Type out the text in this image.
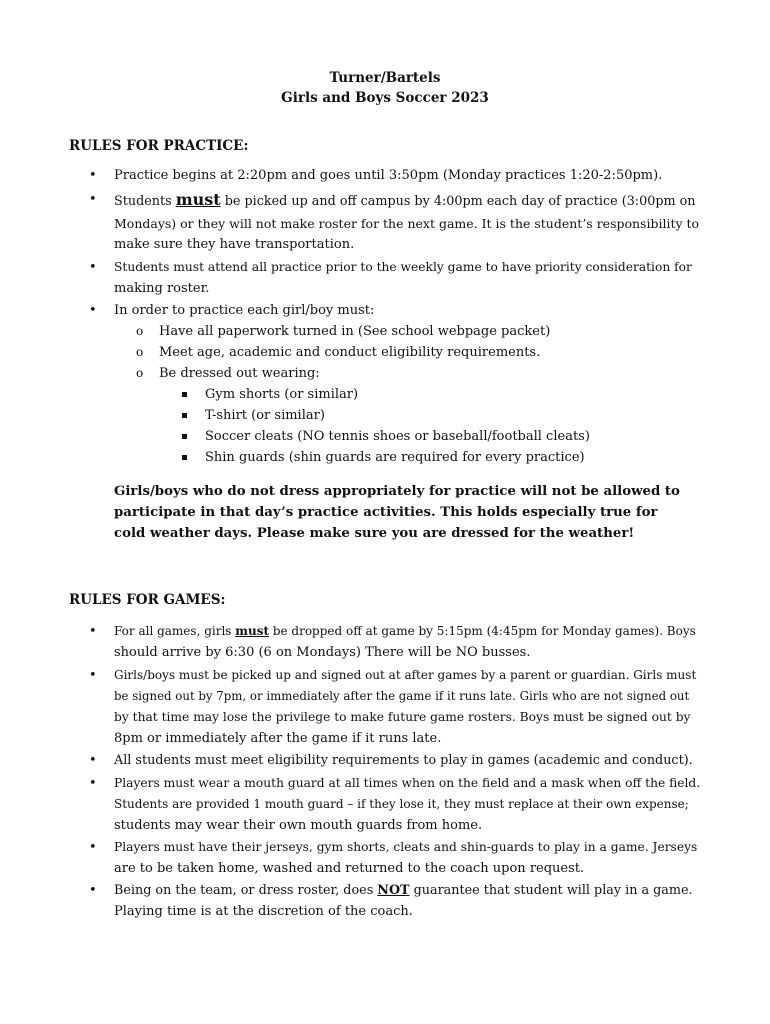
Turner/Bartels
Girls and Boys Soccer 2023
RULES FOR PRACTICE:
• Practice begins at 2:20pm and goes until 3:50pm (Monday practices 1:20-2:50pm).
• Students must be picked up and off campus by 4:00pm each day of practice (3:00pm on
Mondays) or they will not make roster for the next game. It is the student’s responsibility to
make sure they have transportation.
• Students must attend all practice prior to the weekly game to have priority consideration for
making roster.
• In order to practice each girl/boy must:
o Have all paperwork turned in (See school webpage packet)
o Meet age, academic and conduct eligibility requirements.
o Be dressed out wearing:
Gym shorts (or similar)
T-shirt (or similar)
Soccer cleats (NO tennis shoes or baseball/football cleats)
Shin guards (shin guards are required for every practice)
Girls/boys who do not dress appropriately for practice will not be allowed to
participate in that day’s practice activities. This holds especially true for
cold weather days. Please make sure you are dressed for the weather!
RULES FOR GAMES:
• For all games, girls must be dropped off at game by 5:15pm (4:45pm for Monday games). Boys
should arrive by 6:30 (6 on Mondays) There will be NO busses.
• Girls/boys must be picked up and signed out at after games by a parent or guardian. Girls must
be signed out by 7pm, or immediately after the game if it runs late. Girls who are not signed out
by that time may lose the privilege to make future game rosters. Boys must be signed out by
8pm or immediately after the game if it runs late.
• All students must meet eligibility requirements to play in games (academic and conduct).
• Players must wear a mouth guard at all times when on the field and a mask when off the field.
Students are provided 1 mouth guard – if they lose it, they must replace at their own expense;
students may wear their own mouth guards from home.
• Players must have their jerseys, gym shorts, cleats and shin-guards to play in a game. Jerseys
are to be taken home, washed and returned to the coach upon request.
• Being on the team, or dress roster, does NOT guarantee that student will play in a game.
Playing time is at the discretion of the coach.
